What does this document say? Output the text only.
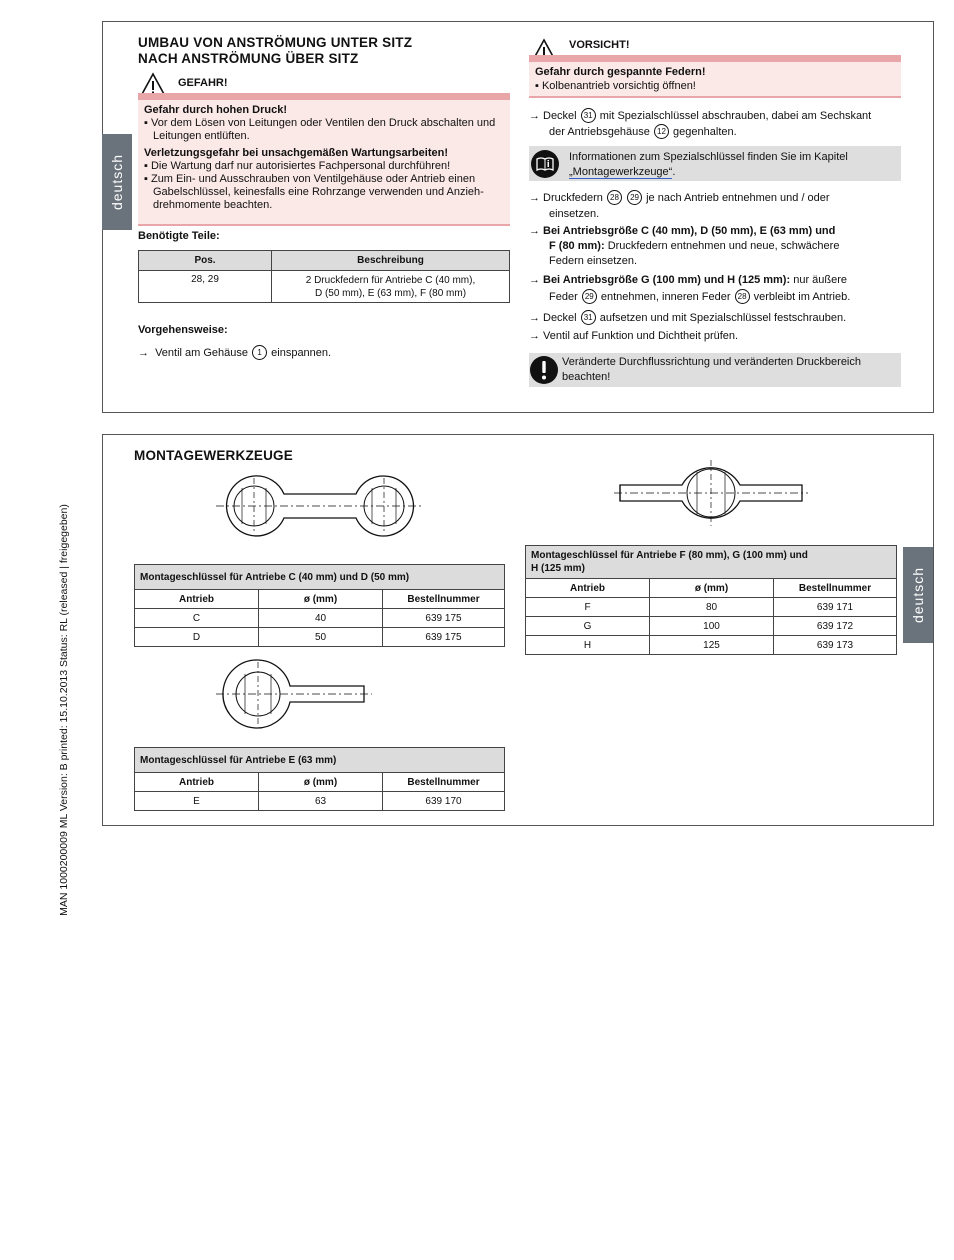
MAN 1000200009 ML Version: B printed: 15.10.2013 Status: RL (released | freigegeben)
deutsch
UMBAU VON ANSTRÖMUNG UNTER SITZ
NACH ANSTRÖMUNG ÜBER SITZ
GEFAHR!

Gefahr durch hohen Druck!

▪ Vor dem Lösen von Leitungen oder Ventilen den Druck abschalten und Leitungen entlüften.

Verletzungsgefahr bei unsachgemäßen Wartungsarbeiten!

▪ Die Wartung darf nur autorisiertes Fachpersonal durchführen!

▪ Zum Ein- und Ausschrauben von Ventilgehäuse oder Antrieb einen Gabelschlüssel, keinesfalls eine Rohrzange verwenden und Anzieh-drehmomente beachten.

Benötigte Teile:
Pos.	Beschreibung
28, 29	2 Druckfedern für Antriebe C (40 mm),
D (50 mm), E (63 mm), F (80 mm)
Vorgehensweise:
→ Ventil am Gehäuse 1 einspannen.
VORSICHT!

Gefahr durch gespannte Federn!

▪ Kolbenantrieb vorsichtig öffnen!

→ Deckel 31 mit Spezialschlüssel abschrauben, dabei am Sechskant
der Antriebsgehäuse 12 gegenhalten.
Informationen zum Spezialschlüssel finden Sie im Kapitel
„Montagewerkzeuge“.
→ Druckfedern 28 29 je nach Antrieb entnehmen und / oder
einsetzen.
→ Bei Antriebsgröße C (40 mm), D (50 mm), E (63 mm) und
F (80 mm): Druckfedern entnehmen und neue, schwächere
Federn einsetzen.
→ Bei Antriebsgröße G (100 mm) und H (125 mm): nur äußere
Feder 29 entnehmen, inneren Feder 28 verbleibt im Antrieb.
→ Deckel 31 aufsetzen und mit Spezialschlüssel festschrauben.
→ Ventil auf Funktion und Dichtheit prüfen.
Veränderte Durchflussrichtung und veränderten Druckbereich
beachten!
deutsch
MONTAGEWERKZEUGE
Montageschlüssel für Antriebe C (40 mm) und D (50 mm)		
Antrieb	ø (mm)	Bestellnummer
C	40	639 175
D	50	639 175
Montageschlüssel für Antriebe E (63 mm)		
Antrieb	ø (mm)	Bestellnummer
E	63	639 170
Montageschlüssel für Antriebe F (80 mm), G (100 mm) und
H (125 mm)		

Antrieb	ø (mm)	Bestellnummer
F	80	639 171
G	100	639 172
H	125	639 173
